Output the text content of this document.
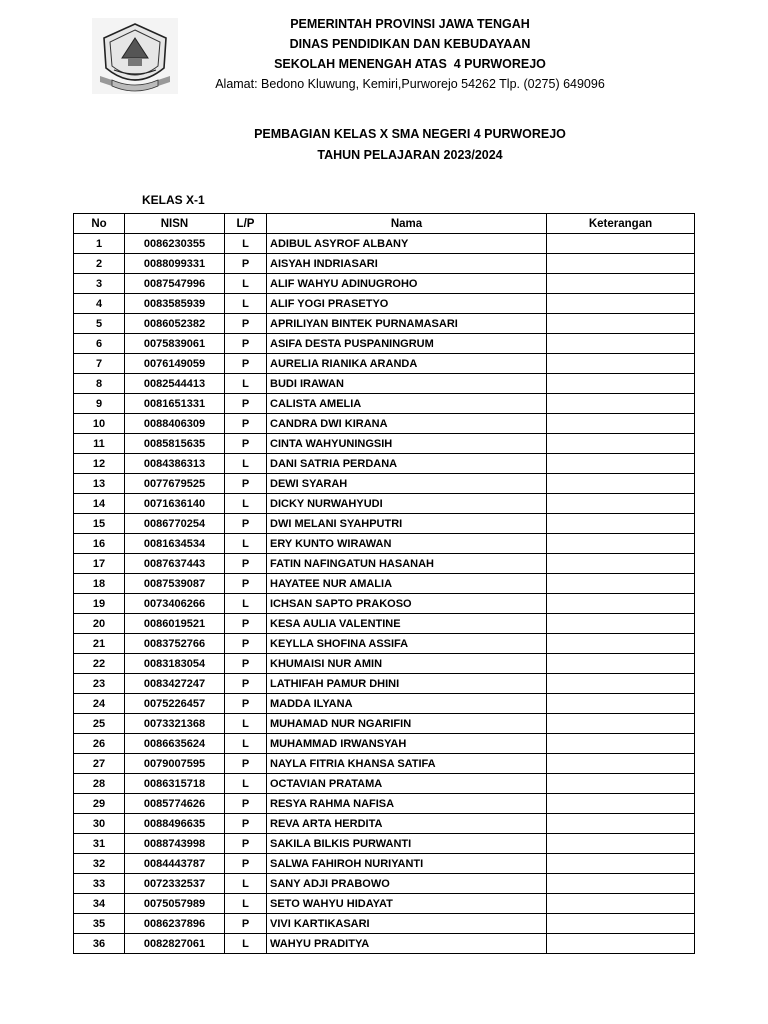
PEMERINTAH PROVINSI JAWA TENGAH
DINAS PENDIDIKAN DAN KEBUDAYAAN
SEKOLAH MENENGAH ATAS  4 PURWOREJO
Alamat: Bedono Kluwung, Kemiri,Purworejo 54262 Tlp. (0275) 649096
PEMBAGIAN KELAS X SMA NEGERI 4 PURWOREJO
TAHUN PELAJARAN 2023/2024
KELAS X-1
No	NISN	L/P	Nama	Keterangan
1	0086230355	L	ADIBUL ASYROF ALBANY	
2	0088099331	P	AISYAH INDRIASARI	
3	0087547996	L	ALIF WAHYU ADINUGROHO	
4	0083585939	L	ALIF YOGI PRASETYO	
5	0086052382	P	APRILIYAN BINTEK PURNAMASARI	
6	0075839061	P	ASIFA DESTA PUSPANINGRUM	
7	0076149059	P	AURELIA RIANIKA ARANDA	
8	0082544413	L	BUDI IRAWAN	
9	0081651331	P	CALISTA AMELIA	
10	0088406309	P	CANDRA DWI KIRANA	
11	0085815635	P	CINTA WAHYUNINGSIH	
12	0084386313	L	DANI SATRIA PERDANA	
13	0077679525	P	DEWI SYARAH	
14	0071636140	L	DICKY NURWAHYUDI	
15	0086770254	P	DWI MELANI SYAHPUTRI	
16	0081634534	L	ERY KUNTO WIRAWAN	
17	0087637443	P	FATIN NAFINGATUN HASANAH	
18	0087539087	P	HAYATEE NUR AMALIA	
19	0073406266	L	ICHSAN SAPTO PRAKOSO	
20	0086019521	P	KESA AULIA VALENTINE	
21	0083752766	P	KEYLLA SHOFINA ASSIFA	
22	0083183054	P	KHUMAISI NUR AMIN	
23	0083427247	P	LATHIFAH PAMUR DHINI	
24	0075226457	P	MADDA ILYANA	
25	0073321368	L	MUHAMAD NUR NGARIFIN	
26	0086635624	L	MUHAMMAD IRWANSYAH	
27	0079007595	P	NAYLA FITRIA KHANSA SATIFA	
28	0086315718	L	OCTAVIAN PRATAMA	
29	0085774626	P	RESYA RAHMA NAFISA	
30	0088496635	P	REVA ARTA HERDITA	
31	0088743998	P	SAKILA BILKIS PURWANTI	
32	0084443787	P	SALWA FAHIROH NURIYANTI	
33	0072332537	L	SANY ADJI PRABOWO	
34	0075057989	L	SETO WAHYU HIDAYAT	
35	0086237896	P	VIVI KARTIKASARI	
36	0082827061	L	WAHYU PRADITYA	
